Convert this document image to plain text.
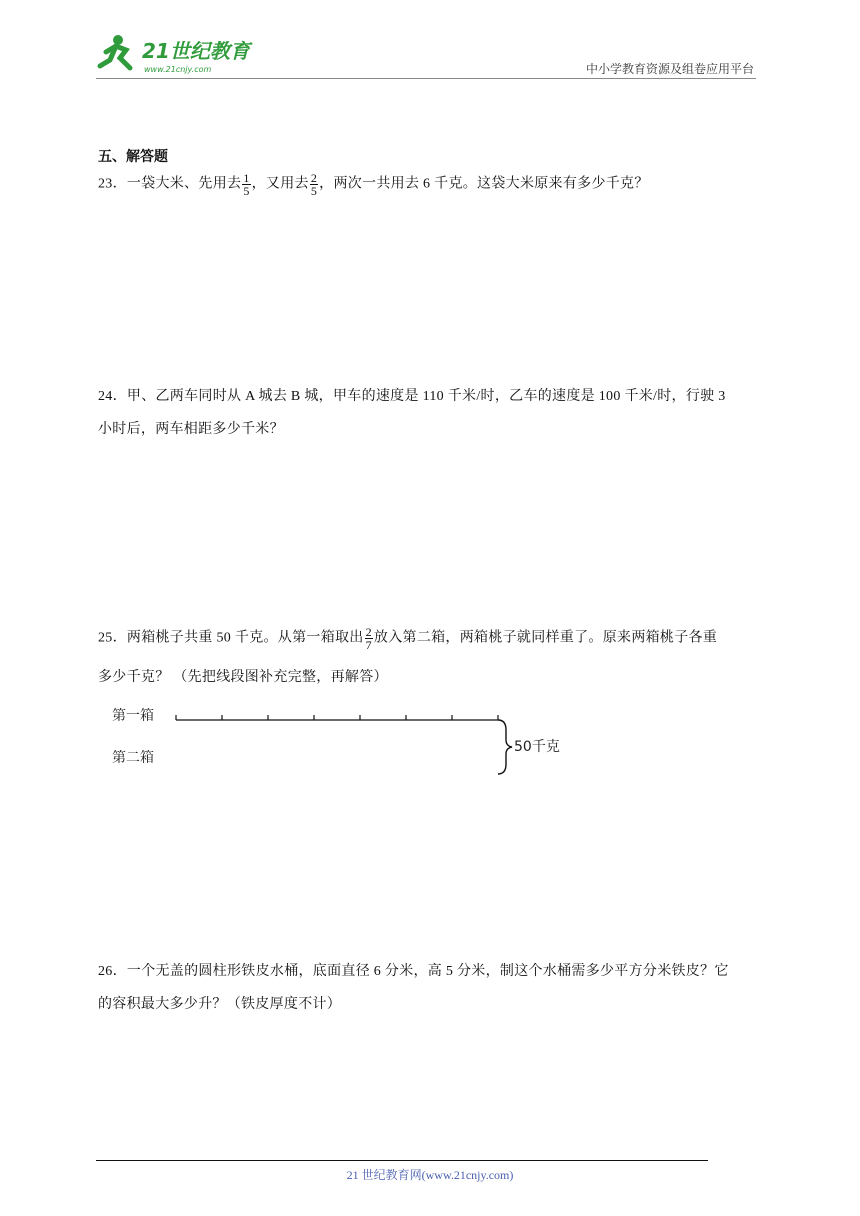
21世纪教育
www.21cnjy.com	中小学教育资源及组卷应用平台
五、解答题
23．一袋大米、先用去 $\frac{1}{5}$ ，又用去 $\frac{2}{5}$ ，两次一共用去 6 千克。这袋大米原来有多少千克？
24．甲、乙两车同时从 A 城去 B 城，甲车的速度是 110 千米/时，乙车的速度是 100 千米/时，行驶 3
小时后，两车相距多少千米？
25．两箱桃子共重 50 千克。从第一箱取出 $\frac{2}{7}$ 放入第二箱，两箱桃子就同样重了。原来两箱桃子各重
多少千克？ （先把线段图补充完整，再解答）
第一箱
第二箱
50千克
26．一个无盖的圆柱形铁皮水桶，底面直径 6 分米，高 5 分米，制这个水桶需多少平方分米铁皮？它
的容积最大多少升？（铁皮厚度不计）
21 世纪教育网(www.21cnjy.com)
